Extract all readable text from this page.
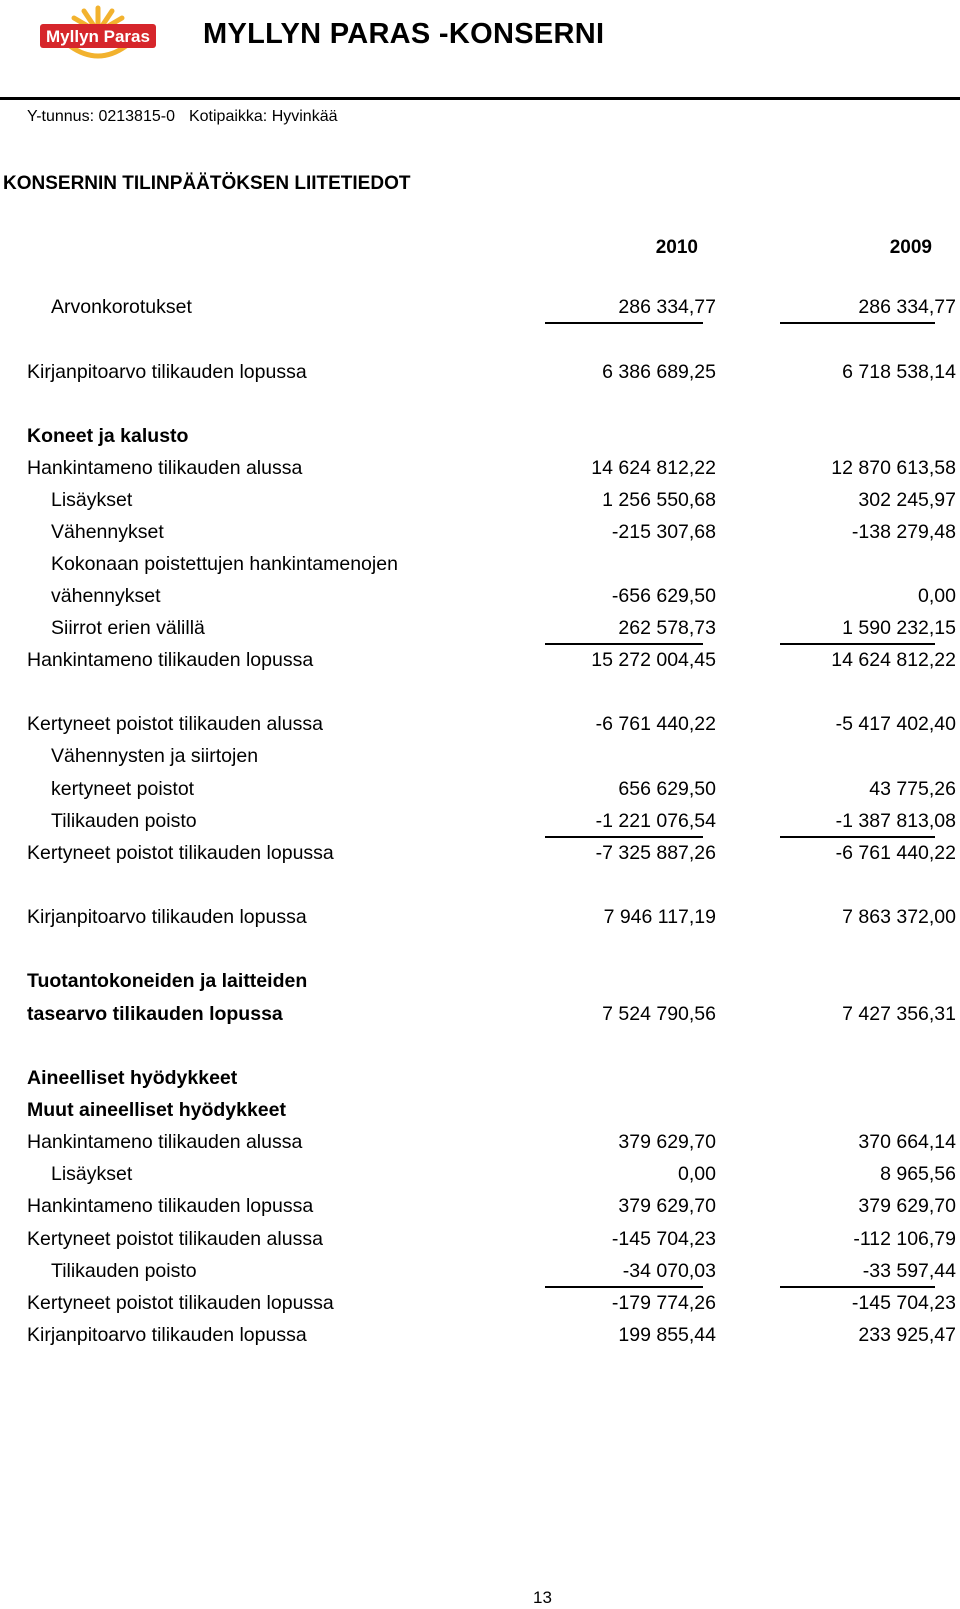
Myllyn Paras MYLLYN PARAS -KONSERNI
Y-tunnus: 0213815-0 Kotipaikka: Hyvinkää
KONSERNIN TILINPÄÄTÖKSEN LIITETIEDOT
2010	2009
Arvonkorotukset	286 334,77	286 334,77
Kirjanpitoarvo tilikauden lopussa	6 386 689,25	6 718 538,14
Koneet ja kalusto
Hankintameno tilikauden alussa	14 624 812,22	12 870 613,58
Lisäykset	1 256 550,68	302 245,97
Vähennykset	-215 307,68	-138 279,48
Kokonaan poistettujen hankintamenojen
vähennykset	-656 629,50	0,00
Siirrot erien välillä	262 578,73	1 590 232,15
Hankintameno tilikauden lopussa	15 272 004,45	14 624 812,22
Kertyneet poistot tilikauden alussa	-6 761 440,22	-5 417 402,40
Vähennysten ja siirtojen
kertyneet poistot	656 629,50	43 775,26
Tilikauden poisto	-1 221 076,54	-1 387 813,08
Kertyneet poistot tilikauden lopussa	-7 325 887,26	-6 761 440,22
Kirjanpitoarvo tilikauden lopussa	7 946 117,19	7 863 372,00
Tuotantokoneiden ja laitteiden
tasearvo tilikauden lopussa	7 524 790,56	7 427 356,31
Aineelliset hyödykkeet
Muut aineelliset hyödykkeet
Hankintameno tilikauden alussa	379 629,70	370 664,14
Lisäykset	0,00	8 965,56
Hankintameno tilikauden lopussa	379 629,70	379 629,70
Kertyneet poistot tilikauden alussa	-145 704,23	-112 106,79
Tilikauden poisto	-34 070,03	-33 597,44
Kertyneet poistot tilikauden lopussa	-179 774,26	-145 704,23
Kirjanpitoarvo tilikauden lopussa	199 855,44	233 925,47
13
